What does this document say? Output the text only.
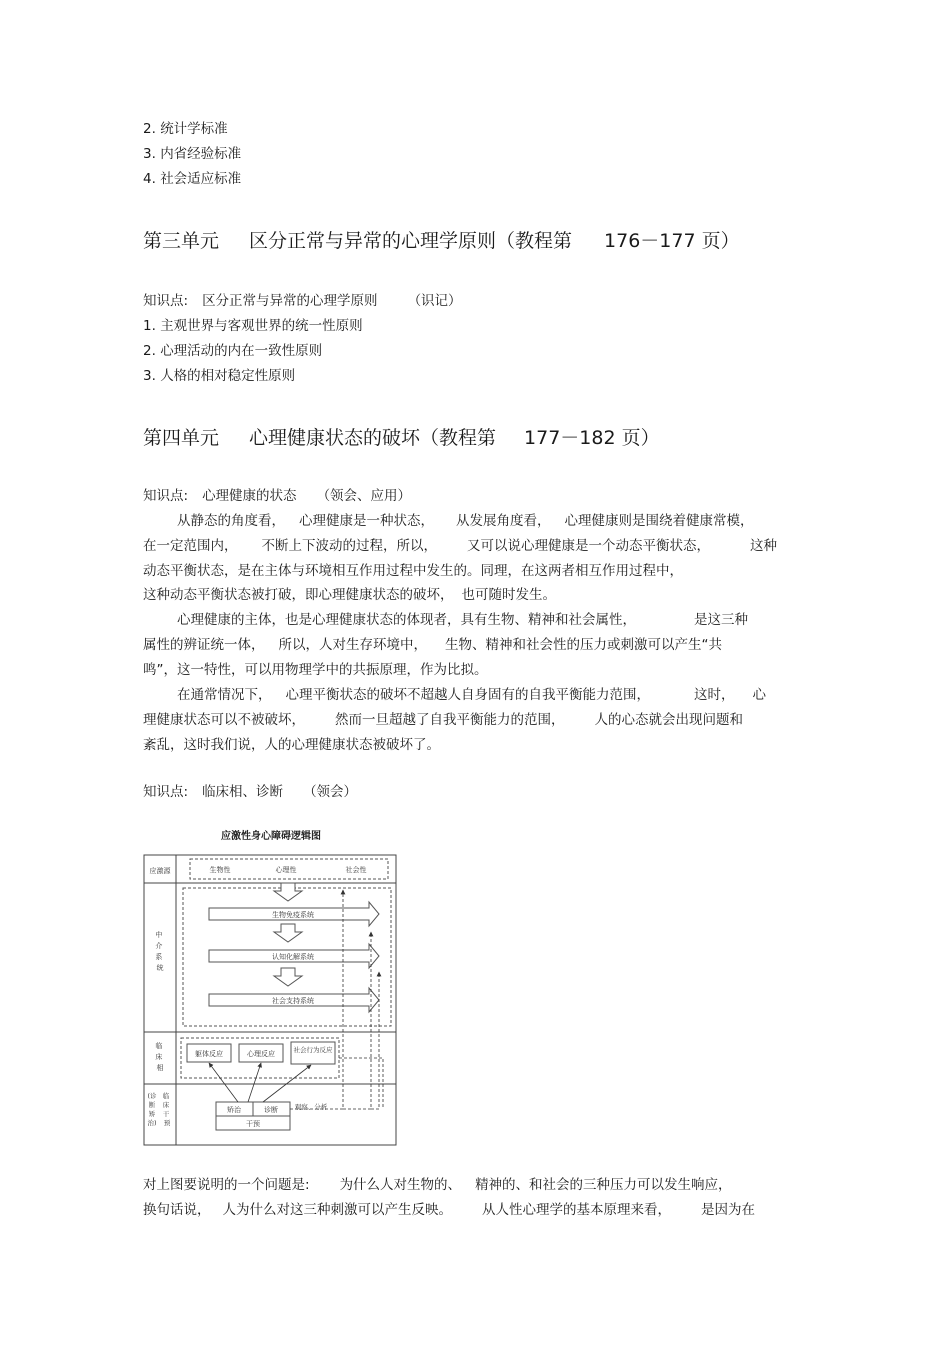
2. 统计学标准
3. 内省经验标准
4. 社会适应标准
第三单元 区分正常与异常的心理学原则（教程第 176－177 页）
知识点: 区分正常与异常的心理学原则 （识记）
1. 主观世界与客观世界的统一性原则
2. 心理活动的内在一致性原则
3. 人格的相对稳定性原则
第四单元 心理健康状态的破坏（教程第 177－182 页）
知识点: 心理健康的状态 （领会、应用）
从静态的角度看， 心理健康是一种状态， 从发展角度看， 心理健康则是围绕着健康常模，
在一定范围内， 不断上下波动的过程，所以， 又可以说心理健康是一个动态平衡状态，	这种
动态平衡状态，是在主体与环境相互作用过程中发生的。同理，在这两者相互作用过程中，
这种动态平衡状态被打破，即心理健康状态的破坏， 也可随时发生。
心理健康的主体，也是心理健康状态的体现者，具有生物、精神和社会属性，	是这三种
属性的辨证统一体， 所以，人对生存环境中， 生物、精神和社会性的压力或刺激可以产生“共
鸣”，这一特性，可以用物理学中的共振原理，作为比拟。
在通常情况下， 心理平衡状态的破坏不超越人自身固有的自我平衡能力范围，	这时， 心
理健康状态可以不被破坏， 然而一旦超越了自我平衡能力的范围， 人的心态就会出现问题和
紊乱，这时我们说，人的心理健康状态被破坏了。
知识点: 临床相、诊断 （领会）
应激性身心障碍逻辑图
应激源
中 介 系 统
临 床 相
(诊 断 矫 治) 临 床 干 预
生物性	心理性	社会性
生物免疫系统
认知化解系统
社会支持系统
躯体反应	心理反应	社会行为反应
矫治	诊断
干预
观察、分析
对上图要说明的一个问题是: 为什么人对生物的、 精神的、和社会的三种压力可以发生响应，
换句话说， 人为什么对这三种刺激可以产生反映。 从人性心理学的基本原理来看， 是因为在
